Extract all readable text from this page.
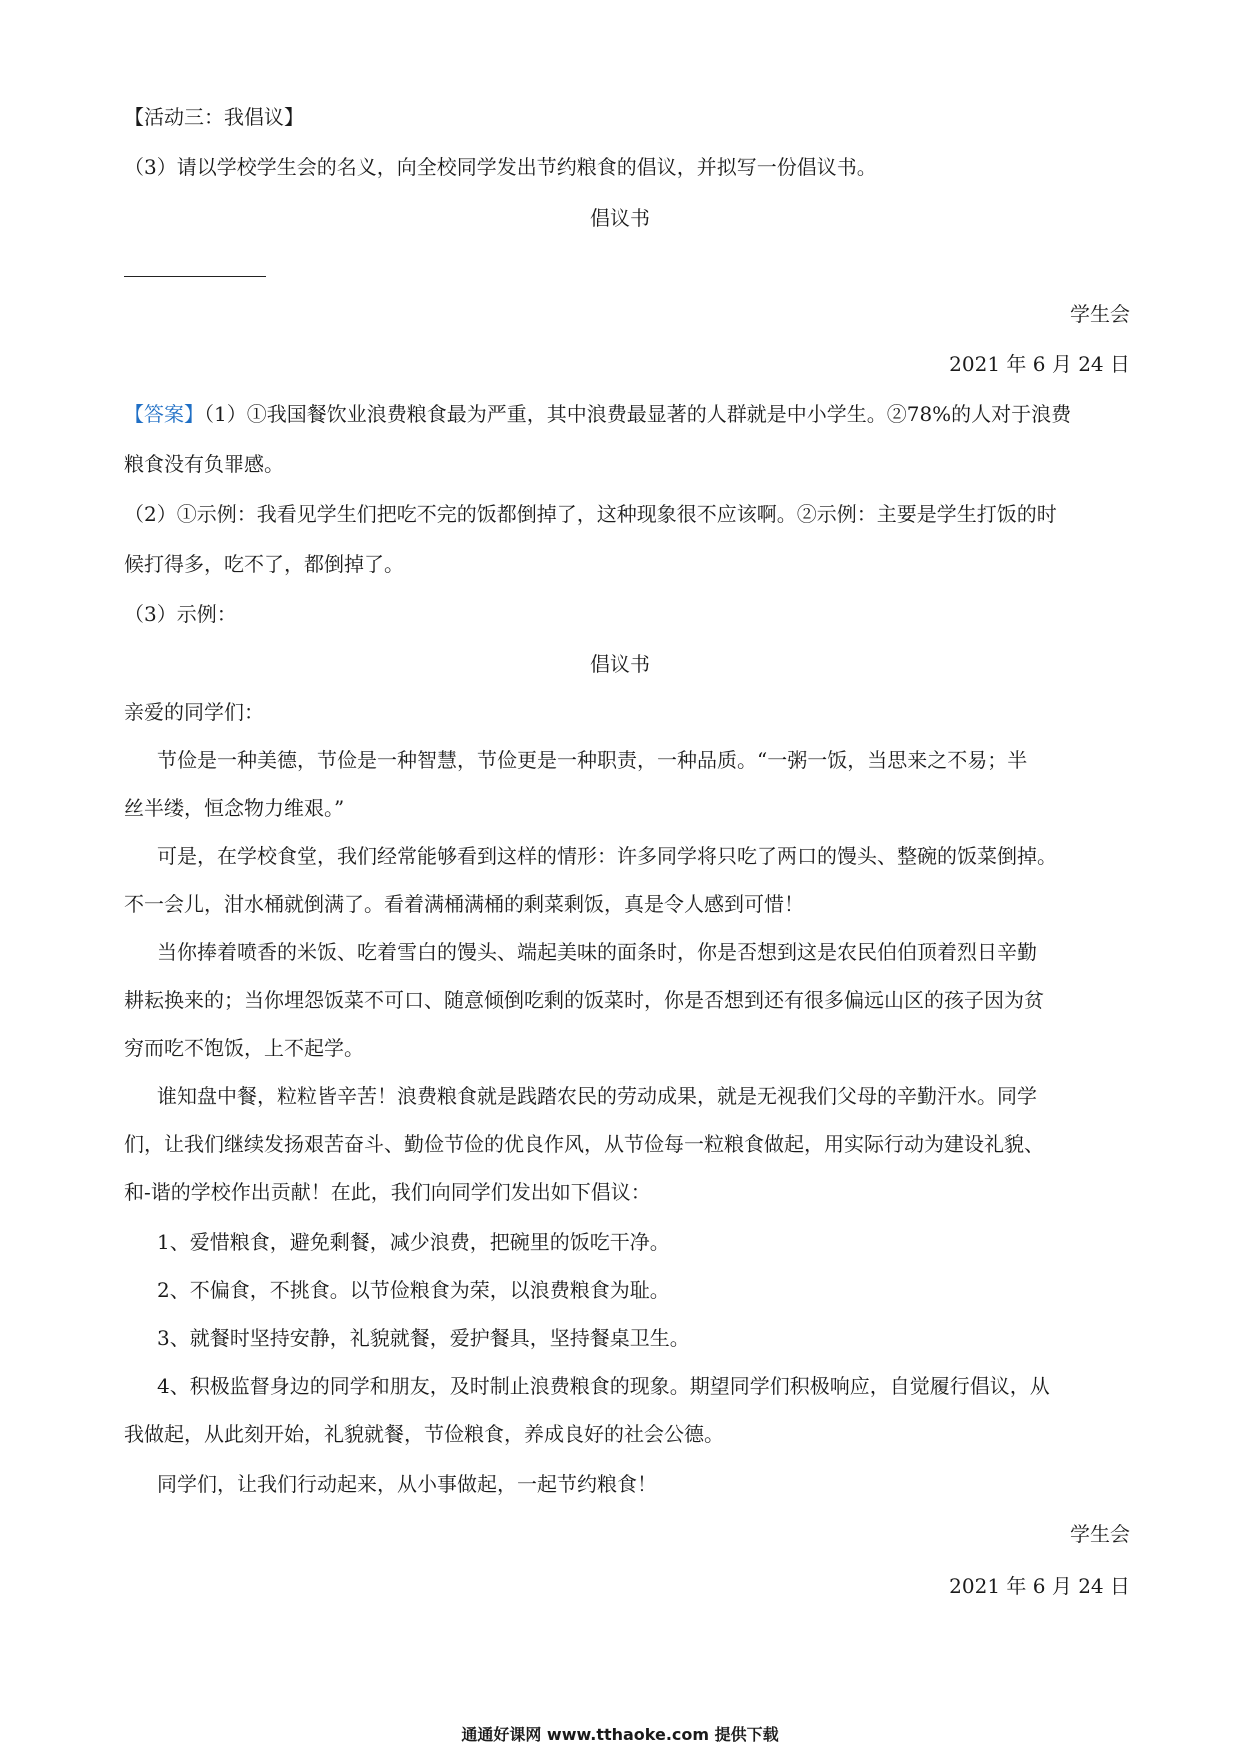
【活动三：我倡议】
（3）请以学校学生会的名义，向全校同学发出节约粮食的倡议，并拟写一份倡议书。
倡议书
学生会
2021 年 6 月 24 日
【答案】（1）①我国餐饮业浪费粮食最为严重，其中浪费最显著的人群就是中小学生。②78%的人对于浪费
粮食没有负罪感。
（2）①示例：我看见学生们把吃不完的饭都倒掉了，这种现象很不应该啊。②示例：主要是学生打饭的时
候打得多，吃不了，都倒掉了。
（3）示例：
倡议书
亲爱的同学们：
节俭是一种美德，节俭是一种智慧，节俭更是一种职责，一种品质。“一粥一饭，当思来之不易；半
丝半缕，恒念物力维艰。”
可是，在学校食堂，我们经常能够看到这样的情形：许多同学将只吃了两口的馒头、整碗的饭菜倒掉。
不一会儿，泔水桶就倒满了。看着满桶满桶的剩菜剩饭，真是令人感到可惜！
当你捧着喷香的米饭、吃着雪白的馒头、端起美味的面条时，你是否想到这是农民伯伯顶着烈日辛勤
耕耘换来的；当你埋怨饭菜不可口、随意倾倒吃剩的饭菜时，你是否想到还有很多偏远山区的孩子因为贫
穷而吃不饱饭，上不起学。
谁知盘中餐，粒粒皆辛苦！浪费粮食就是践踏农民的劳动成果，就是无视我们父母的辛勤汗水。同学
们，让我们继续发扬艰苦奋斗、勤俭节俭的优良作风，从节俭每一粒粮食做起，用实际行动为建设礼貌、
和-谐的学校作出贡献！在此，我们向同学们发出如下倡议：
1、爱惜粮食，避免剩餐，减少浪费，把碗里的饭吃干净。
2、不偏食，不挑食。以节俭粮食为荣，以浪费粮食为耻。
3、就餐时坚持安静，礼貌就餐，爱护餐具，坚持餐桌卫生。
4、积极监督身边的同学和朋友，及时制止浪费粮食的现象。期望同学们积极响应，自觉履行倡议，从
我做起，从此刻开始，礼貌就餐，节俭粮食，养成良好的社会公德。
同学们，让我们行动起来，从小事做起，一起节约粮食！
学生会
2021 年 6 月 24 日
通通好课网 www.tthaoke.com 提供下载
